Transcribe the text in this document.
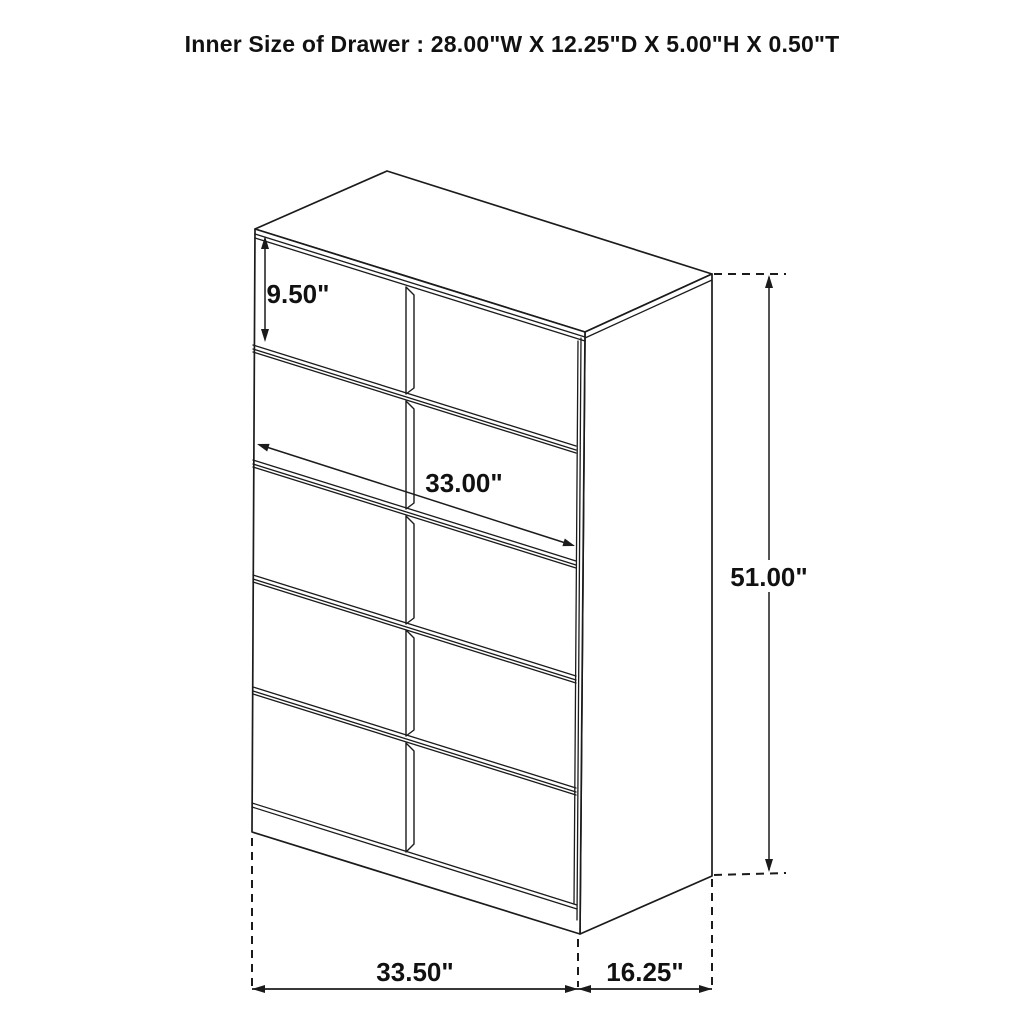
Inner Size of Drawer : 28.00"W X 12.25"D X 5.00"H X 0.50"T
9.50"
33.00"
51.00"
33.50"	16.25"
